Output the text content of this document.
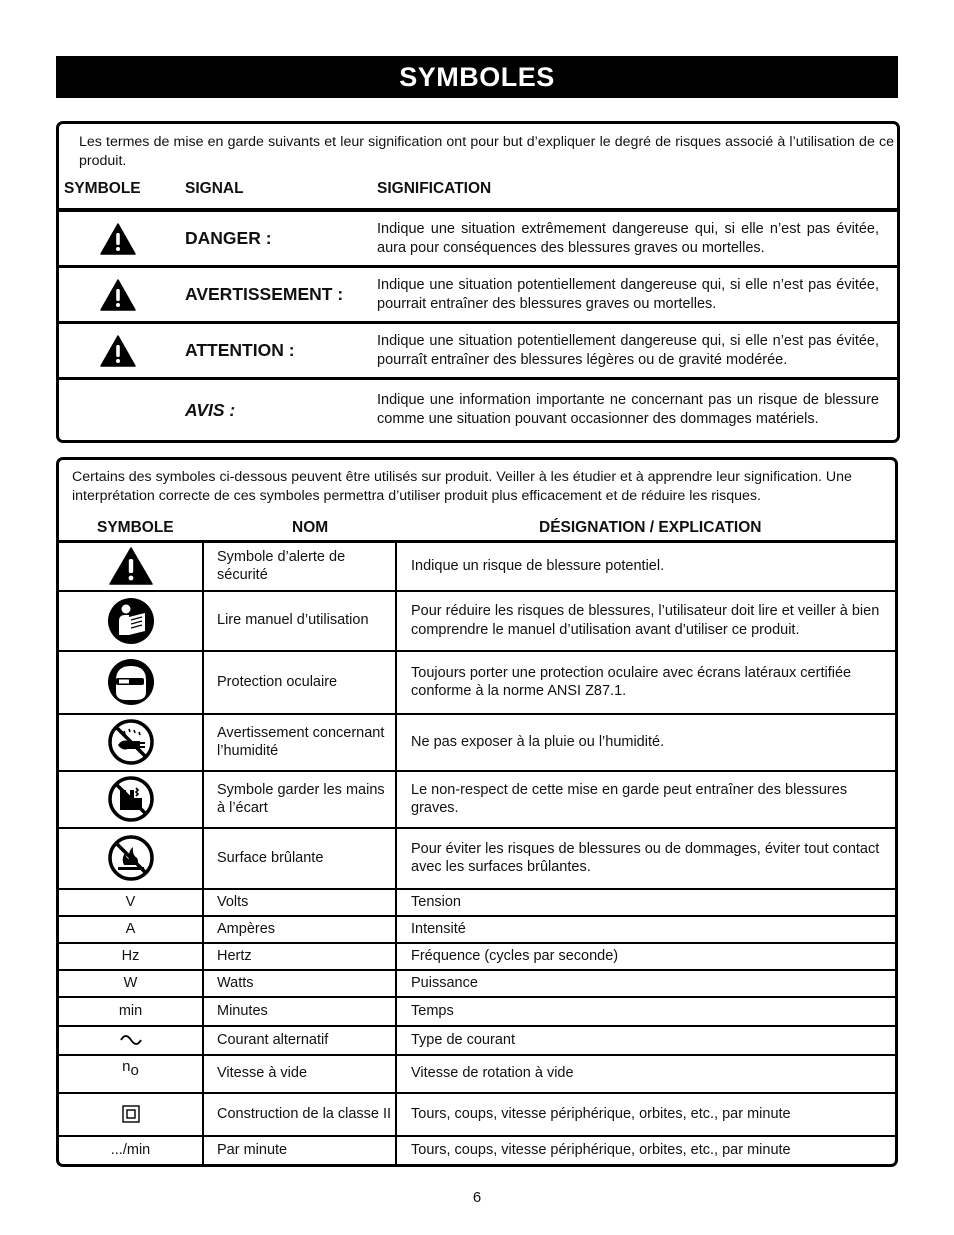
SYMBOLES
Les termes de mise en garde suivants et leur signification ont pour but d’expliquer le degré de risques associé à l’utilisation de ce produit.
SYMBOLE	SIGNAL	SIGNIFICATION
	DANGER :	Indique une situation extrêmement dangereuse qui, si elle n’est pas évitée, aura pour conséquences des blessures graves ou mortelles.

	AVERTISSEMENT :	Indique une situation potentiellement dangereuse qui, si elle n’est pas évitée, pourrait entraîner des blessures graves ou mortelles.

	ATTENTION :	Indique une situation potentiellement dangereuse qui, si elle n’est pas évitée, pourraît entraîner des blessures légères ou de gravité modérée.
	AVIS :	Indique une information importante ne concernant pas un risque de blessure comme une situation pouvant occasionner des dommages matériels.
Certains des symboles ci-dessous peuvent être utilisés sur produit. Veiller à les étudier et à apprendre leur signification. Une interprétation correcte de ces symboles permettra d’utiliser produit plus efficacement et de réduire les risques.
SYMBOLE	NOM	DÉSIGNATION / EXPLICATION
	Symbole d’alerte de sécurité	Indique un risque de blessure potentiel.

	Lire manuel d’utilisation	Pour réduire les risques de blessures, l’utilisateur doit lire et veiller à bien comprendre le manuel d’utilisation avant d’utiliser ce produit.

	Protection oculaire	Toujours porter une protection oculaire avec écrans latéraux certifiée conforme à la norme ANSI Z87.1.

	Avertissement concernant l’humidité	Ne pas exposer à la pluie ou l’humidité.

	Symbole garder les mains à l’écart	Le non-respect de cette mise en garde peut entraîner des blessures graves.

	Surface brûlante	Pour éviter les risques de blessures ou de dommages, éviter tout contact avec les surfaces brûlantes.
V	Volts	Tension
A	Ampères	Intensité
Hz	Hertz	Fréquence (cycles par seconde)
W	Watts	Puissance
min	Minutes	Temps

	Courant alternatif	Type de courant
no	Vitesse à vide	Vitesse de rotation à vide

	Construction de la classe II	Tours, coups, vitesse périphérique, orbites, etc., par minute
.../min	Par minute	Tours, coups, vitesse périphérique, orbites, etc., par minute
6
